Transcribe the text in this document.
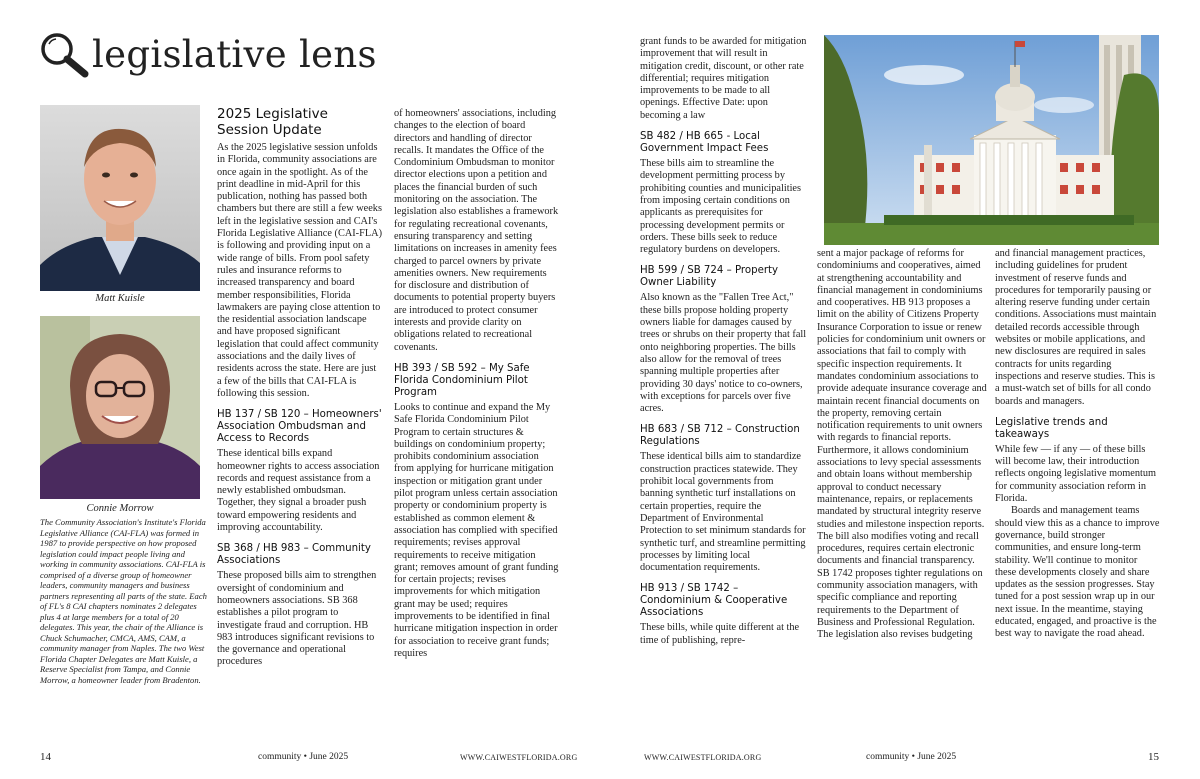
legislative lens
Matt Kuisle
Connie Morrow

The Community Association's Institute's Florida Legislative Alliance (CAI-FLA) was formed in 1987 to provide perspective on how proposed legislation could impact people living and working in community associations. CAI-FLA is comprised of a diverse group of homeowner leaders, community managers and business partners representing all parts of the state. Each of FL's 8 CAI chapters nominates 2 delegates plus 4 at large members for a total of 20 delegates. This year, the chair of the Alliance is Chuck Schumacher, CMCA, AMS, CAM, a community manager from Naples. The two West Florida Chapter Delegates are Matt Kuisle, a Reserve Specialist from Tampa, and Connie Morrow, a homeowner leader from Bradenton.

2025 Legislative Session Update

As the 2025 legislative session unfolds in Florida, community associations are once again in the spotlight. As of the print deadline in mid-April for this publication, nothing has passed both chambers but there are still a few weeks left in the legislative session and CAI's Florida Legislative Alliance (CAI-FLA) is following and providing input on a wide range of bills. From pool safety rules and insurance reforms to increased transparency and board member responsibilities, Florida lawmakers are paying close attention to the residential association landscape and have proposed significant legislation that could affect community associations and the daily lives of residents across the state. Here are just a few of the bills that CAI-FLA is following this session.

HB 137 / SB 120 – Homeowners' Association Ombudsman and Access to Records

These identical bills expand homeowner rights to access association records and request assistance from a newly established ombudsman. Together, they signal a broader push toward empowering residents and improving accountability.

SB 368 / HB 983 – Community Associations

These proposed bills aim to strengthen oversight of condominium and homeowners associations. SB 368 establishes a pilot program to investigate fraud and corruption. HB 983 introduces significant revisions to the governance and operational procedures

of homeowners' associations, including changes to the election of board directors and handling of director recalls. It mandates the Office of the Condominium Ombudsman to monitor director elections upon a petition and places the financial burden of such monitoring on the association. The legislation also establishes a framework for regulating recreational covenants, ensuring transparency and setting limitations on increases in amenity fees charged to parcel owners by private amenities owners. New requirements for disclosure and distribution of documents to potential property buyers are introduced to protect consumer interests and provide clarity on obligations related to recreational covenants.

HB 393 / SB 592 – My Safe Florida Condominium Pilot Program

Looks to continue and expand the My Safe Florida Condominium Pilot Program to certain structures & buildings on condominium property; prohibits condominium association from applying for hurricane mitigation inspection or mitigation grant under pilot program unless certain association property or condominium property is established as common element & association has complied with specified requirements; revises approval requirements to receive mitigation grant; removes amount of grant funding for certain projects; revises improvements for which mitigation grant may be used; requires improvements to be identified in final hurricane mitigation inspection in order for association to receive grant funds; requires

grant funds to be awarded for mitigation improvement that will result in mitigation credit, discount, or other rate differential; requires mitigation improvements to be made to all openings. Effective Date: upon becoming a law

SB 482 / HB 665 - Local Government Impact Fees

These bills aim to streamline the development permitting process by prohibiting counties and municipalities from imposing certain conditions on applicants as prerequisites for processing development permits or orders. These bills seek to reduce regulatory burdens on developers.

HB 599 / SB 724 – Property Owner Liability

Also known as the "Fallen Tree Act," these bills propose holding property owners liable for damages caused by trees or shrubs on their property that fall onto neighboring properties. The bills also allow for the removal of trees spanning multiple properties after providing 30 days' notice to co-owners, with exceptions for parcels over five acres.

HB 683 / SB 712 – Construction Regulations

These identical bills aim to standardize construction practices statewide. They prohibit local governments from banning synthetic turf installations on certain properties, require the Department of Environmental Protection to set minimum standards for synthetic turf, and streamline permitting processes by limiting local documentation requirements.

HB 913 / SB 1742 – Condominium & Cooperative Associations

These bills, while quite different at the time of publishing, repre-

sent a major package of reforms for condominiums and cooperatives, aimed at strengthening accountability and financial management in condominiums and cooperatives. HB 913 proposes a limit on the ability of Citizens Property Insurance Corporation to issue or renew policies for condominium unit owners or associations that fail to comply with specific inspection requirements. It mandates condominium associations to provide adequate insurance coverage and maintain recent financial documents on the property, removing certain notification requirements to unit owners with regards to financial reports. Furthermore, it allows condominium associations to levy special assessments and obtain loans without membership approval to conduct necessary maintenance, repairs, or replacements mandated by structural integrity reserve studies and milestone inspection reports. The bill also modifies voting and recall procedures, requires certain electronic documents and financial transparency. SB 1742 proposes tighter regulations on community association managers, with specific compliance and reporting requirements to the Department of Business and Professional Regulation. The legislation also revises budgeting

and financial management practices, including guidelines for prudent investment of reserve funds and procedures for temporarily pausing or altering reserve funding under certain conditions. Associations must maintain detailed records accessible through websites or mobile applications, and new disclosures are required in sales contracts for units regarding inspections and reserve studies. This is a must-watch set of bills for all condo boards and managers.

Legislative trends and takeaways

While few — if any — of these bills will become law, their introduction reflects ongoing legislative momentum for community association reform in Florida.

Boards and management teams should view this as a chance to improve governance, build stronger communities, and ensure long-term stability. We'll continue to monitor these developments closely and share updates as the session progresses. Stay tuned for a post session wrap up in our next issue. In the meantime, staying educated, engaged, and proactive is the best way to navigate the road ahead.

14	community • June 2025	WWW.CAIWESTFLORIDA.ORG	WWW.CAIWESTFLORIDA.ORG	community • June 2025	15
